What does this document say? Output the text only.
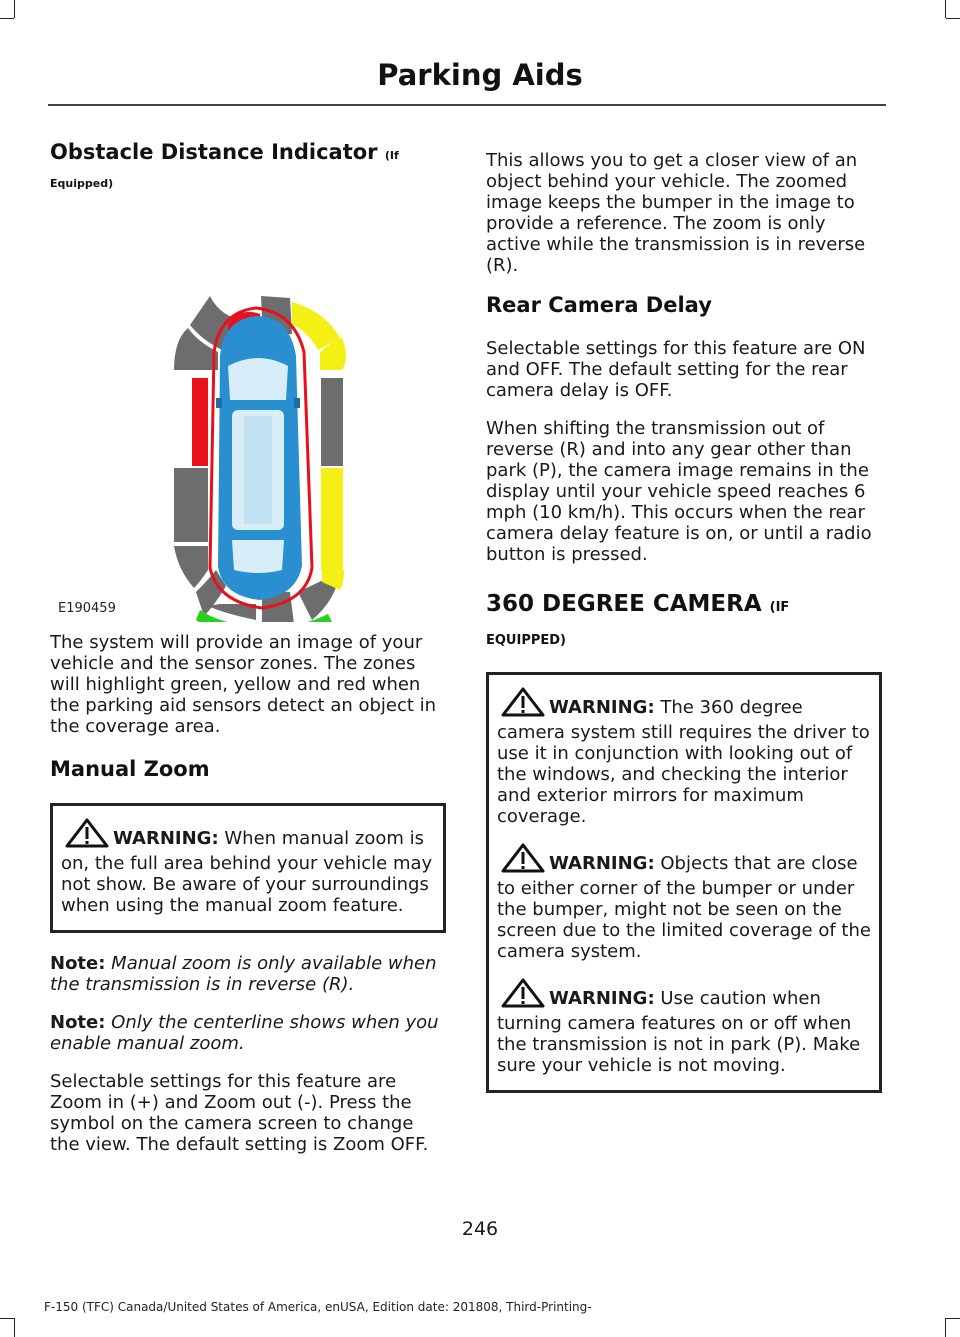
Parking Aids
Obstacle Distance Indicator (If
Equipped)
E190459

The system will provide an image of your vehicle and the sensor zones. The zones will highlight green, yellow and red when the parking aid sensors detect an object in the coverage area.

Manual Zoom

WARNING: When manual zoom is on, the full area behind your vehicle may not show. Be aware of your surroundings when using the manual zoom feature.

Note: Manual zoom is only available when the transmission is in reverse (R).

Note: Only the centerline shows when you enable manual zoom.

Selectable settings for this feature are Zoom in (+) and Zoom out (-). Press the symbol on the camera screen to change the view. The default setting is Zoom OFF.

This allows you to get a closer view of an object behind your vehicle. The zoomed image keeps the bumper in the image to provide a reference. The zoom is only active while the transmission is in reverse (R).

Rear Camera Delay

Selectable settings for this feature are ON and OFF. The default setting for the rear camera delay is OFF.

When shifting the transmission out of reverse (R) and into any gear other than park (P), the camera image remains in the display until your vehicle speed reaches 6 mph (10 km/h). This occurs when the rear camera delay feature is on, or until a radio button is pressed.

360 DEGREE CAMERA (IF
EQUIPPED)

WARNING: The 360 degree camera system still requires the driver to use it in conjunction with looking out of the windows, and checking the interior and exterior mirrors for maximum coverage.

WARNING: Objects that are close to either corner of the bumper or under the bumper, might not be seen on the screen due to the limited coverage of the camera system.

WARNING: Use caution when turning camera features on or off when the transmission is not in park (P). Make sure your vehicle is not moving.

246
F-150 (TFC) Canada/United States of America, enUSA, Edition date: 201808, Third-Printing-
